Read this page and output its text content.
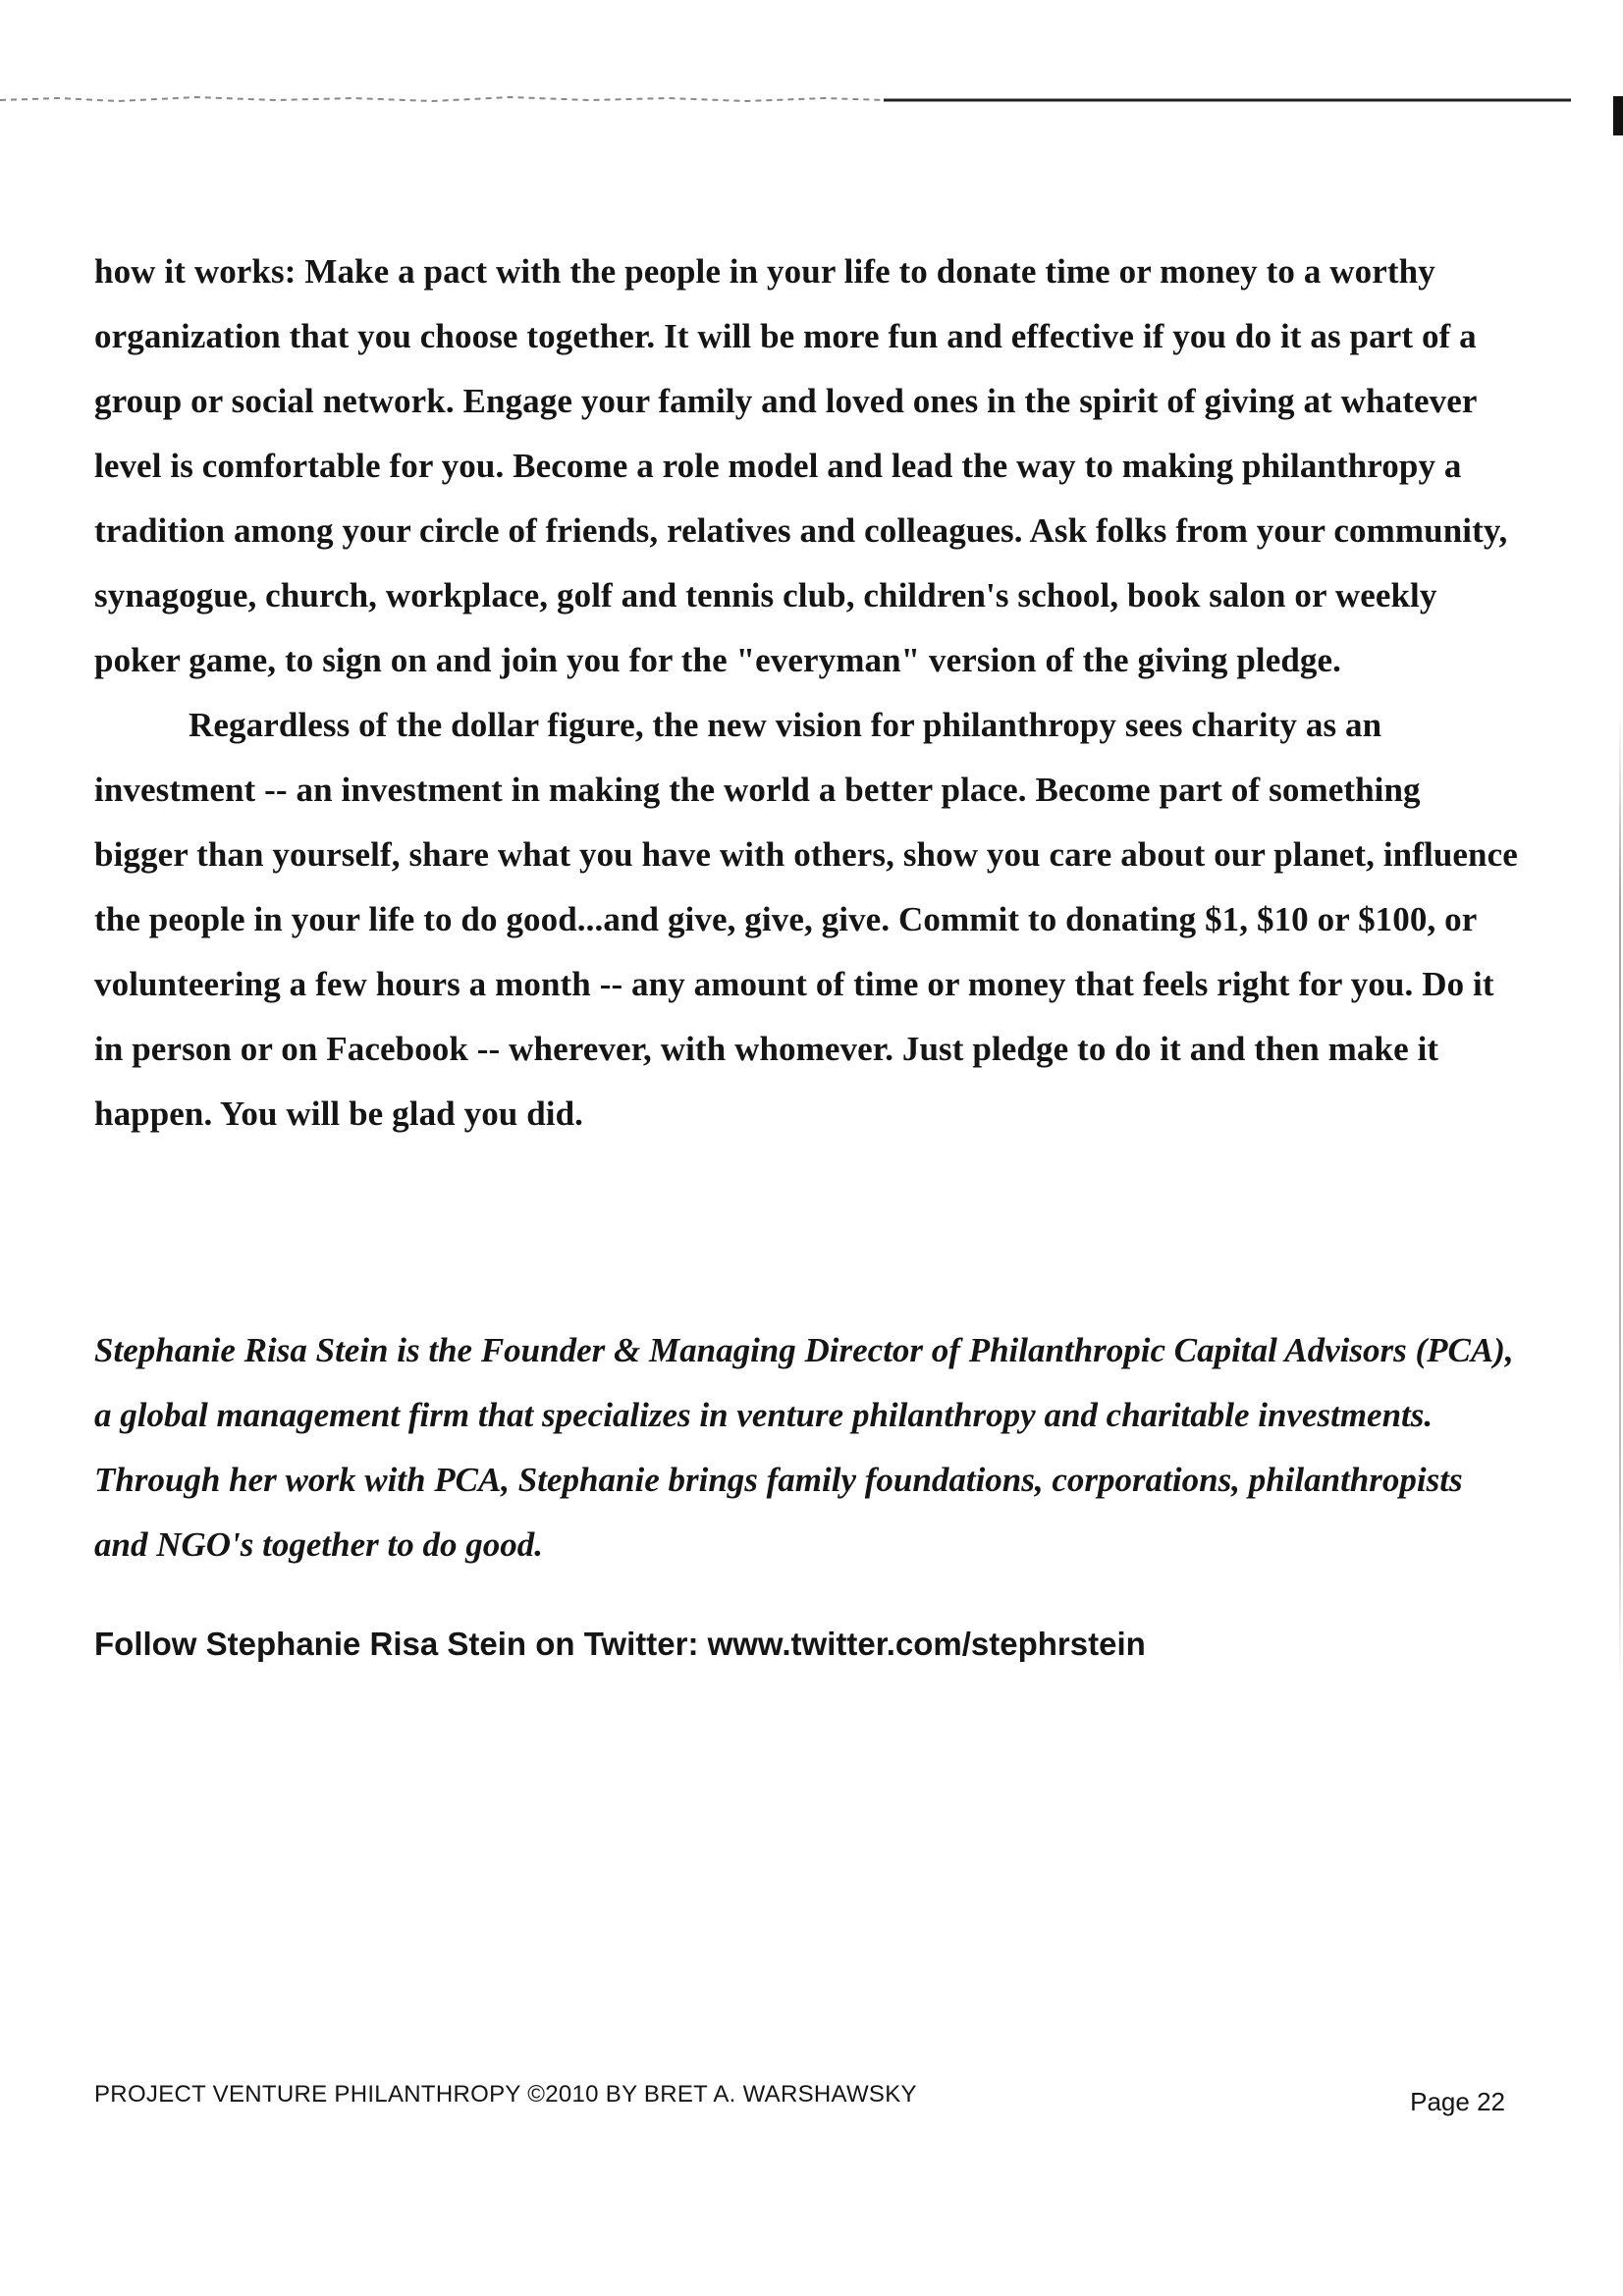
how it works: Make a pact with the people in your life to donate time or money to a worthy organization that you choose together. It will be more fun and effective if you do it as part of a group or social network. Engage your family and loved ones in the spirit of giving at whatever level is comfortable for you. Become a role model and lead the way to making philanthropy a tradition among your circle of friends, relatives and colleagues. Ask folks from your community, synagogue, church, workplace, golf and tennis club, children's school, book salon or weekly poker game, to sign on and join you for the "everyman" version of the giving pledge.

Regardless of the dollar figure, the new vision for philanthropy sees charity as an investment -- an investment in making the world a better place. Become part of something bigger than yourself, share what you have with others, show you care about our planet, influence the people in your life to do good...and give, give, give. Commit to donating $1, $10 or $100, or volunteering a few hours a month -- any amount of time or money that feels right for you. Do it in person or on Facebook -- wherever, with whomever. Just pledge to do it and then make it happen. You will be glad you did.

Stephanie Risa Stein is the Founder & Managing Director of Philanthropic Capital Advisors (PCA), a global management firm that specializes in venture philanthropy and charitable investments. Through her work with PCA, Stephanie brings family foundations, corporations, philanthropists and NGO's together to do good.
Follow Stephanie Risa Stein on Twitter: www.twitter.com/stephrstein
PROJECT VENTURE PHILANTHROPY ©2010 BY BRET A. WARSHAWSKY	Page 22
